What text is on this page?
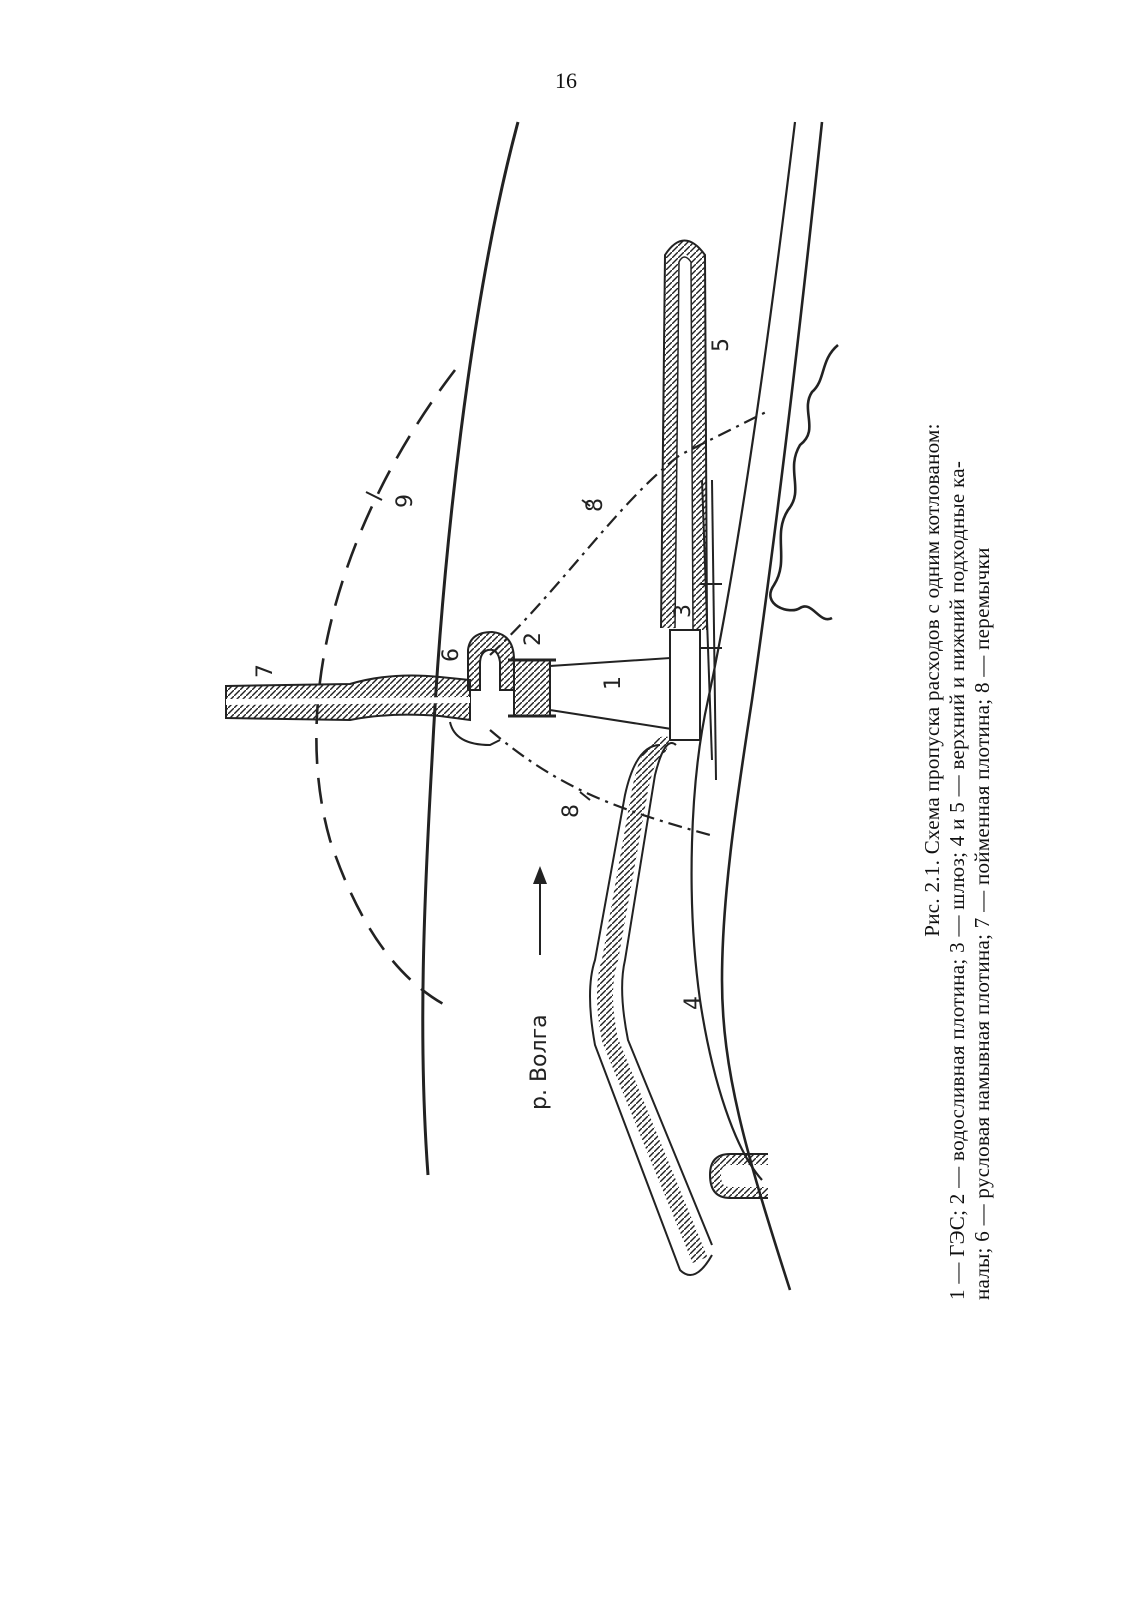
16
1
2
3
4
5
6
7
8
8
9
р. Волга
Рис. 2.1. Схема пропуска расходов с одним котлованом: 1 — ГЭС; 2 — водосливная плотина; 3 — шлюз; 4 и 5 — верхний и нижний подходные ка- налы; 6 — русловая намывная плотина; 7 — пойменная плотина; 8 — перемычки
